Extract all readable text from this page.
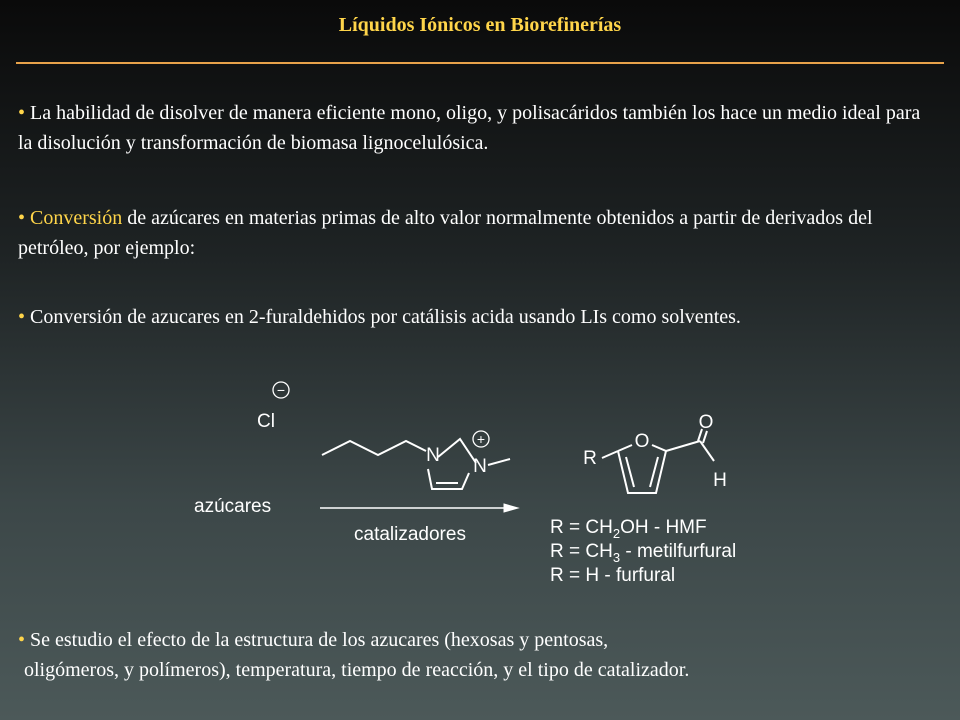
Líquidos Iónicos en Biorefinerías

• La habilidad de disolver de manera eficiente mono, oligo, y polisacáridos también los hace un medio ideal para la disolución y transformación de biomasa lignocelulósica.

• Conversión de azúcares en materias primas de alto valor normalmente obtenidos a partir de derivados del petróleo, por ejemplo:

• Conversión de azucares en 2-furaldehidos por catálisis acida usando LIs como solventes.

−
Cl
N
N
+
azúcares
catalizadores
R
O
O
H
$R = CH_2OH$ - HMF
$R = CH_3$ - metilfurfural
R = H - furfural

• Se estudio el efecto de la estructura de los azucares (hexosas y pentosas,
oligómeros, y polímeros), temperatura, tiempo de reacción, y el tipo de catalizador.
